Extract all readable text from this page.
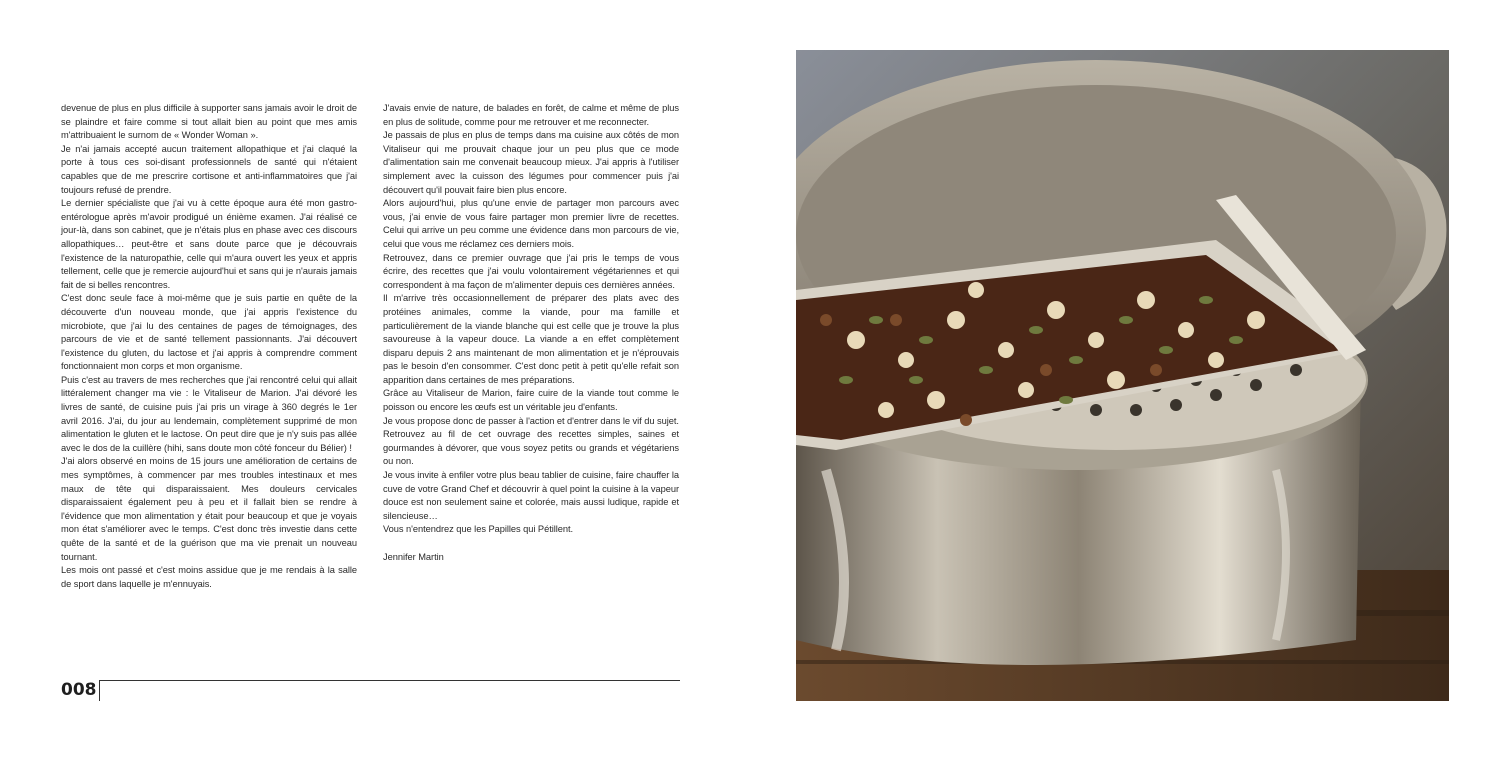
devenue de plus en plus difficile à supporter sans jamais avoir le droit de se plaindre et faire comme si tout allait bien au point que mes amis m'attribuaient le surnom de « Wonder Woman ».

Je n'ai jamais accepté aucun traitement allopathique et j'ai claqué la porte à tous ces soi-disant professionnels de santé qui n'étaient capables que de me prescrire cortisone et anti-inflammatoires que j'ai toujours refusé de prendre.

Le dernier spécialiste que j'ai vu à cette époque aura été mon gastro-entérologue après m'avoir prodigué un énième examen. J'ai réalisé ce jour-là, dans son cabinet, que je n'étais plus en phase avec ces discours allopathiques… peut-être et sans doute parce que je découvrais l'existence de la naturopathie, celle qui m'aura ouvert les yeux et appris tellement, celle que je remercie aujourd'hui et sans qui je n'aurais jamais fait de si belles rencontres.

C'est donc seule face à moi-même que je suis partie en quête de la découverte d'un nouveau monde, que j'ai appris l'existence du microbiote, que j'ai lu des centaines de pages de témoignages, des parcours de vie et de santé tellement passionnants. J'ai découvert l'existence du gluten, du lactose et j'ai appris à comprendre comment fonctionnaient mon corps et mon organisme.

Puis c'est au travers de mes recherches que j'ai rencontré celui qui allait littéralement changer ma vie : le Vitaliseur de Marion. J'ai dévoré les livres de santé, de cuisine puis j'ai pris un virage à 360 degrés le 1er avril 2016. J'ai, du jour au lendemain, complètement supprimé de mon alimentation le gluten et le lactose. On peut dire que je n'y suis pas allée avec le dos de la cuillère (hihi, sans doute mon côté fonceur du Bélier) !

J'ai alors observé en moins de 15 jours une amélioration de certains de mes symptômes, à commencer par mes troubles intestinaux et mes maux de tête qui disparaissaient. Mes douleurs cervicales disparaissaient également peu à peu et il fallait bien se rendre à l'évidence que mon alimentation y était pour beaucoup et que je voyais mon état s'améliorer avec le temps. C'est donc très investie dans cette quête de la santé et de la guérison que ma vie prenait un nouveau tournant.

Les mois ont passé et c'est moins assidue que je me rendais à la salle de sport dans laquelle je m'ennuyais.

J'avais envie de nature, de balades en forêt, de calme et même de plus en plus de solitude, comme pour me retrouver et me reconnecter.

Je passais de plus en plus de temps dans ma cuisine aux côtés de mon Vitaliseur qui me prouvait chaque jour un peu plus que ce mode d'alimentation sain me convenait beaucoup mieux. J'ai appris à l'utiliser simplement avec la cuisson des légumes pour commencer puis j'ai découvert qu'il pouvait faire bien plus encore.

Alors aujourd'hui, plus qu'une envie de partager mon parcours avec vous, j'ai envie de vous faire partager mon premier livre de recettes. Celui qui arrive un peu comme une évidence dans mon parcours de vie, celui que vous me réclamez ces derniers mois.

Retrouvez, dans ce premier ouvrage que j'ai pris le temps de vous écrire, des recettes que j'ai voulu volontairement végétariennes et qui correspondent à ma façon de m'alimenter depuis ces dernières années.

Il m'arrive très occasionnellement de préparer des plats avec des protéines animales, comme la viande, pour ma famille et particulièrement de la viande blanche qui est celle que je trouve la plus savoureuse à la vapeur douce. La viande a en effet complètement disparu depuis 2 ans maintenant de mon alimentation et je n'éprouvais pas le besoin d'en consommer. C'est donc petit à petit qu'elle refait son apparition dans certaines de mes préparations.

Grâce au Vitaliseur de Marion, faire cuire de la viande tout comme le poisson ou encore les œufs est un véritable jeu d'enfants.

Je vous propose donc de passer à l'action et d'entrer dans le vif du sujet.

Retrouvez au fil de cet ouvrage des recettes simples, saines et gourmandes à dévorer, que vous soyez petits ou grands et végétariens ou non.

Je vous invite à enfiler votre plus beau tablier de cuisine, faire chauffer la cuve de votre Grand Chef et découvrir à quel point la cuisine à la vapeur douce est non seulement saine et colorée, mais aussi ludique, rapide et silencieuse…

Vous n'entendrez que les Papilles qui Pétillent.

Jennifer Martin

008
